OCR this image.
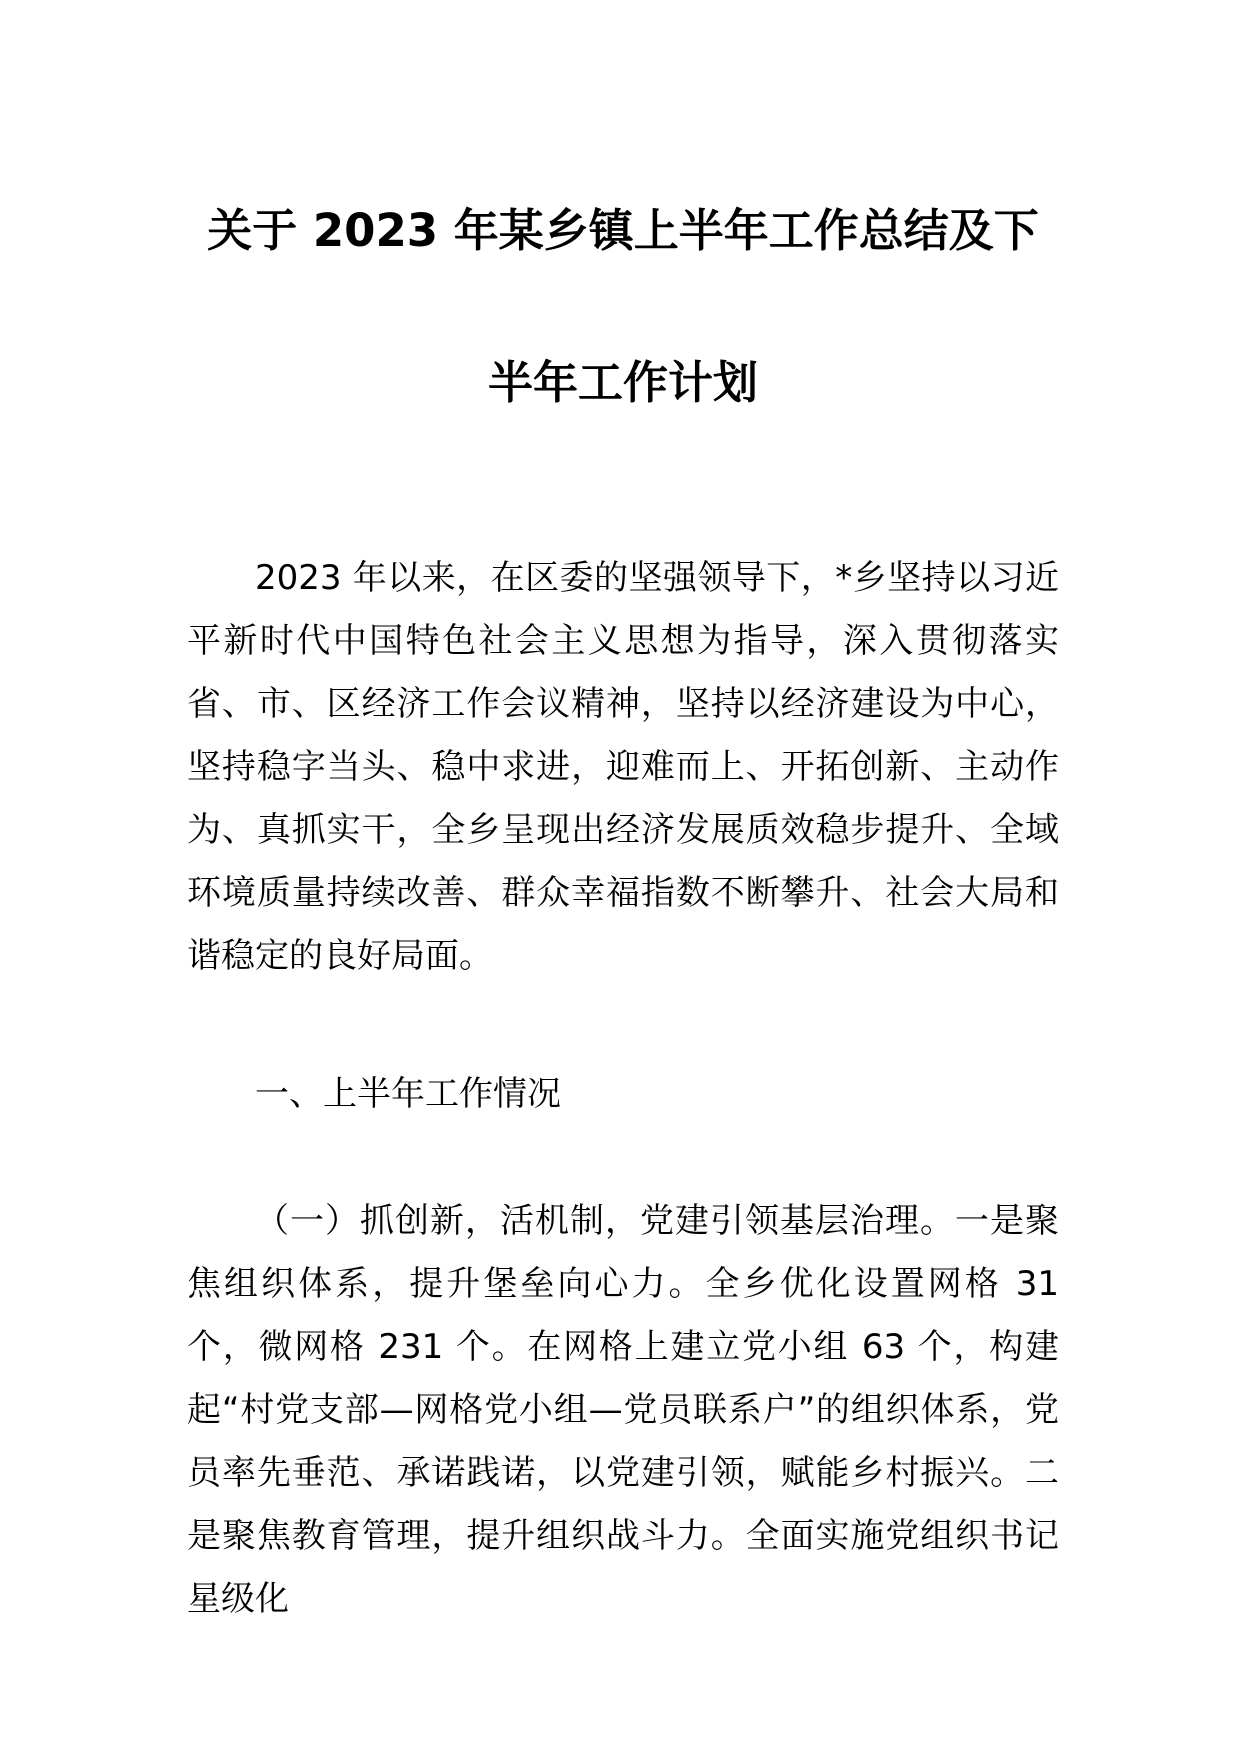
关于 2023 年某乡镇上半年工作总结及下半年工作计划

2023 年以来，在区委的坚强领导下，*乡坚持以习近平新时代中国特色社会主义思想为指导，深入贯彻落实省、市、区经济工作会议精神，坚持以经济建设为中心，坚持稳字当头、稳中求进，迎难而上、开拓创新、主动作为、真抓实干，全乡呈现出经济发展质效稳步提升、全域环境质量持续改善、群众幸福指数不断攀升、社会大局和谐稳定的良好局面。

一、上半年工作情况

（一）抓创新，活机制，党建引领基层治理。一是聚焦组织体系，提升堡垒向心力。全乡优化设置网格 31 个，微网格 231 个。在网格上建立党小组 63 个，构建起“村党支部—网格党小组—党员联系户”的组织体系，党员率先垂范、承诺践诺，以党建引领，赋能乡村振兴。二是聚焦教育管理，提升组织战斗力。全面实施党组织书记星级化
